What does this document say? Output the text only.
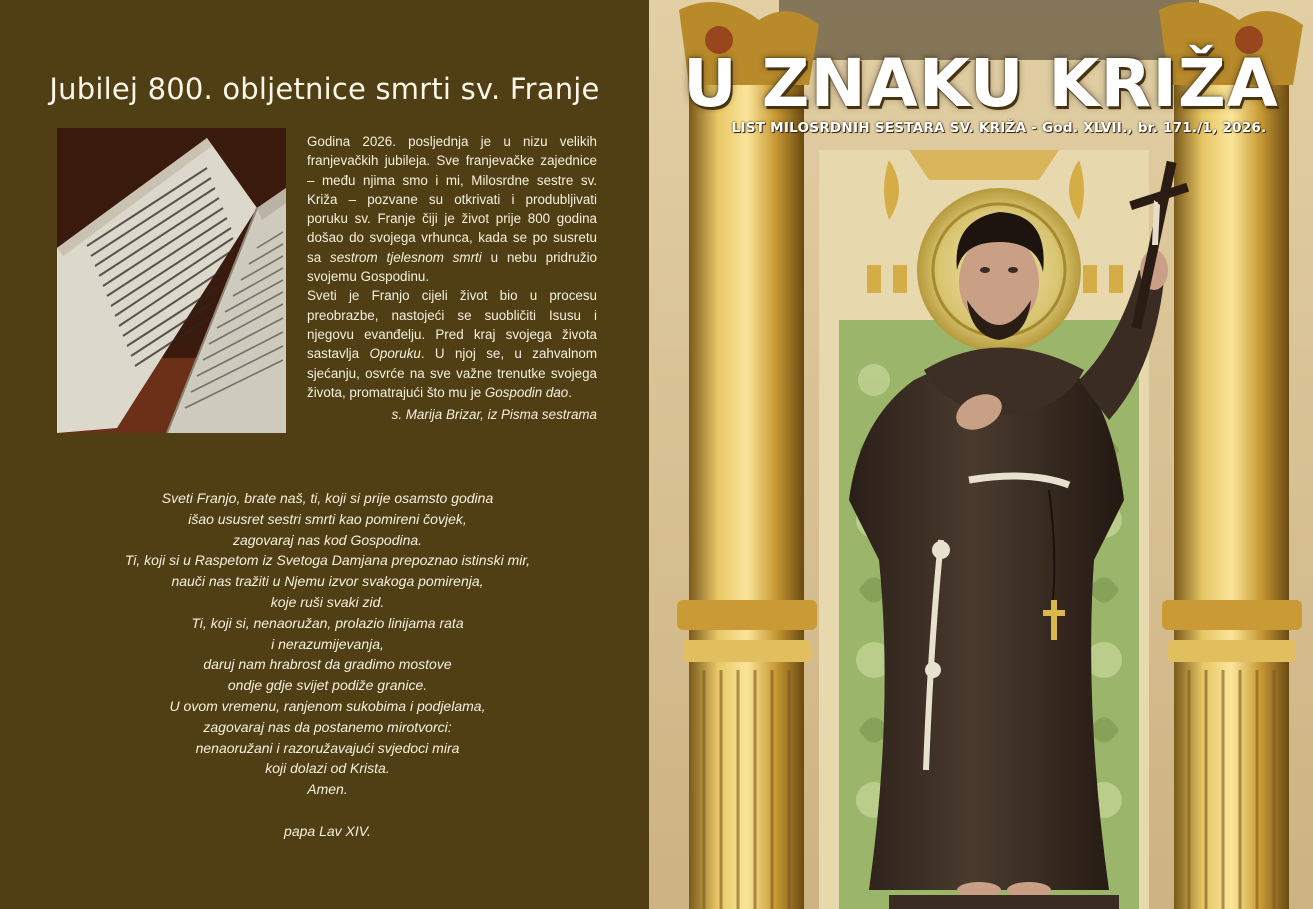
Jubilej 800. obljetnice smrti sv. Franje

Godina 2026. posljednja je u nizu velikih franjevačkih jubileja. Sve franjevačke zajednice – među njima smo i mi, Milosrdne sestre sv. Križa – pozvane su otkrivati i produbljivati poruku sv. Franje čiji je život prije 800 godina došao do svojega vrhunca, kada se po susretu sa sestrom tjelesnom smrti u nebu pridružio svojemu Gospodinu.

Sveti je Franjo cijeli život bio u procesu preobrazbe, nastojeći se suobličiti Isusu i njegovu evanđelju. Pred kraj svojega života sastavlja Oporuku. U njoj se, u zahvalnom sjećanju, osvrće na sve važne trenutke svojega života, promatrajući što mu je Gospodin dao.

s. Marija Brizar, iz Pisma sestrama

Sveti Franjo, brate naš, ti, koji si prije osamsto godina
išao ususret sestri smrti kao pomireni čovjek,
zagovaraj nas kod Gospodina.
Ti, koji si u Raspetom iz Svetoga Damjana prepoznao istinski mir,
nauči nas tražiti u Njemu izvor svakoga pomirenja,
koje ruši svaki zid.
Ti, koji si, nenaoružan, prolazio linijama rata
i nerazumijevanja,
daruj nam hrabrost da gradimo mostove
ondje gdje svijet podiže granice.
U ovom vremenu, ranjenom sukobima i podjelama,
zagovaraj nas da postanemo mirotvorci:
nenaoružani i razoružavajući svjedoci mira
koji dolazi od Krista.
Amen.
papa Lav XIV.
U ZNAKU KRIŽA
LIST MILOSRDNIH SESTARA SV. KRIŽA - God. XLVII., br. 171./1, 2026.
